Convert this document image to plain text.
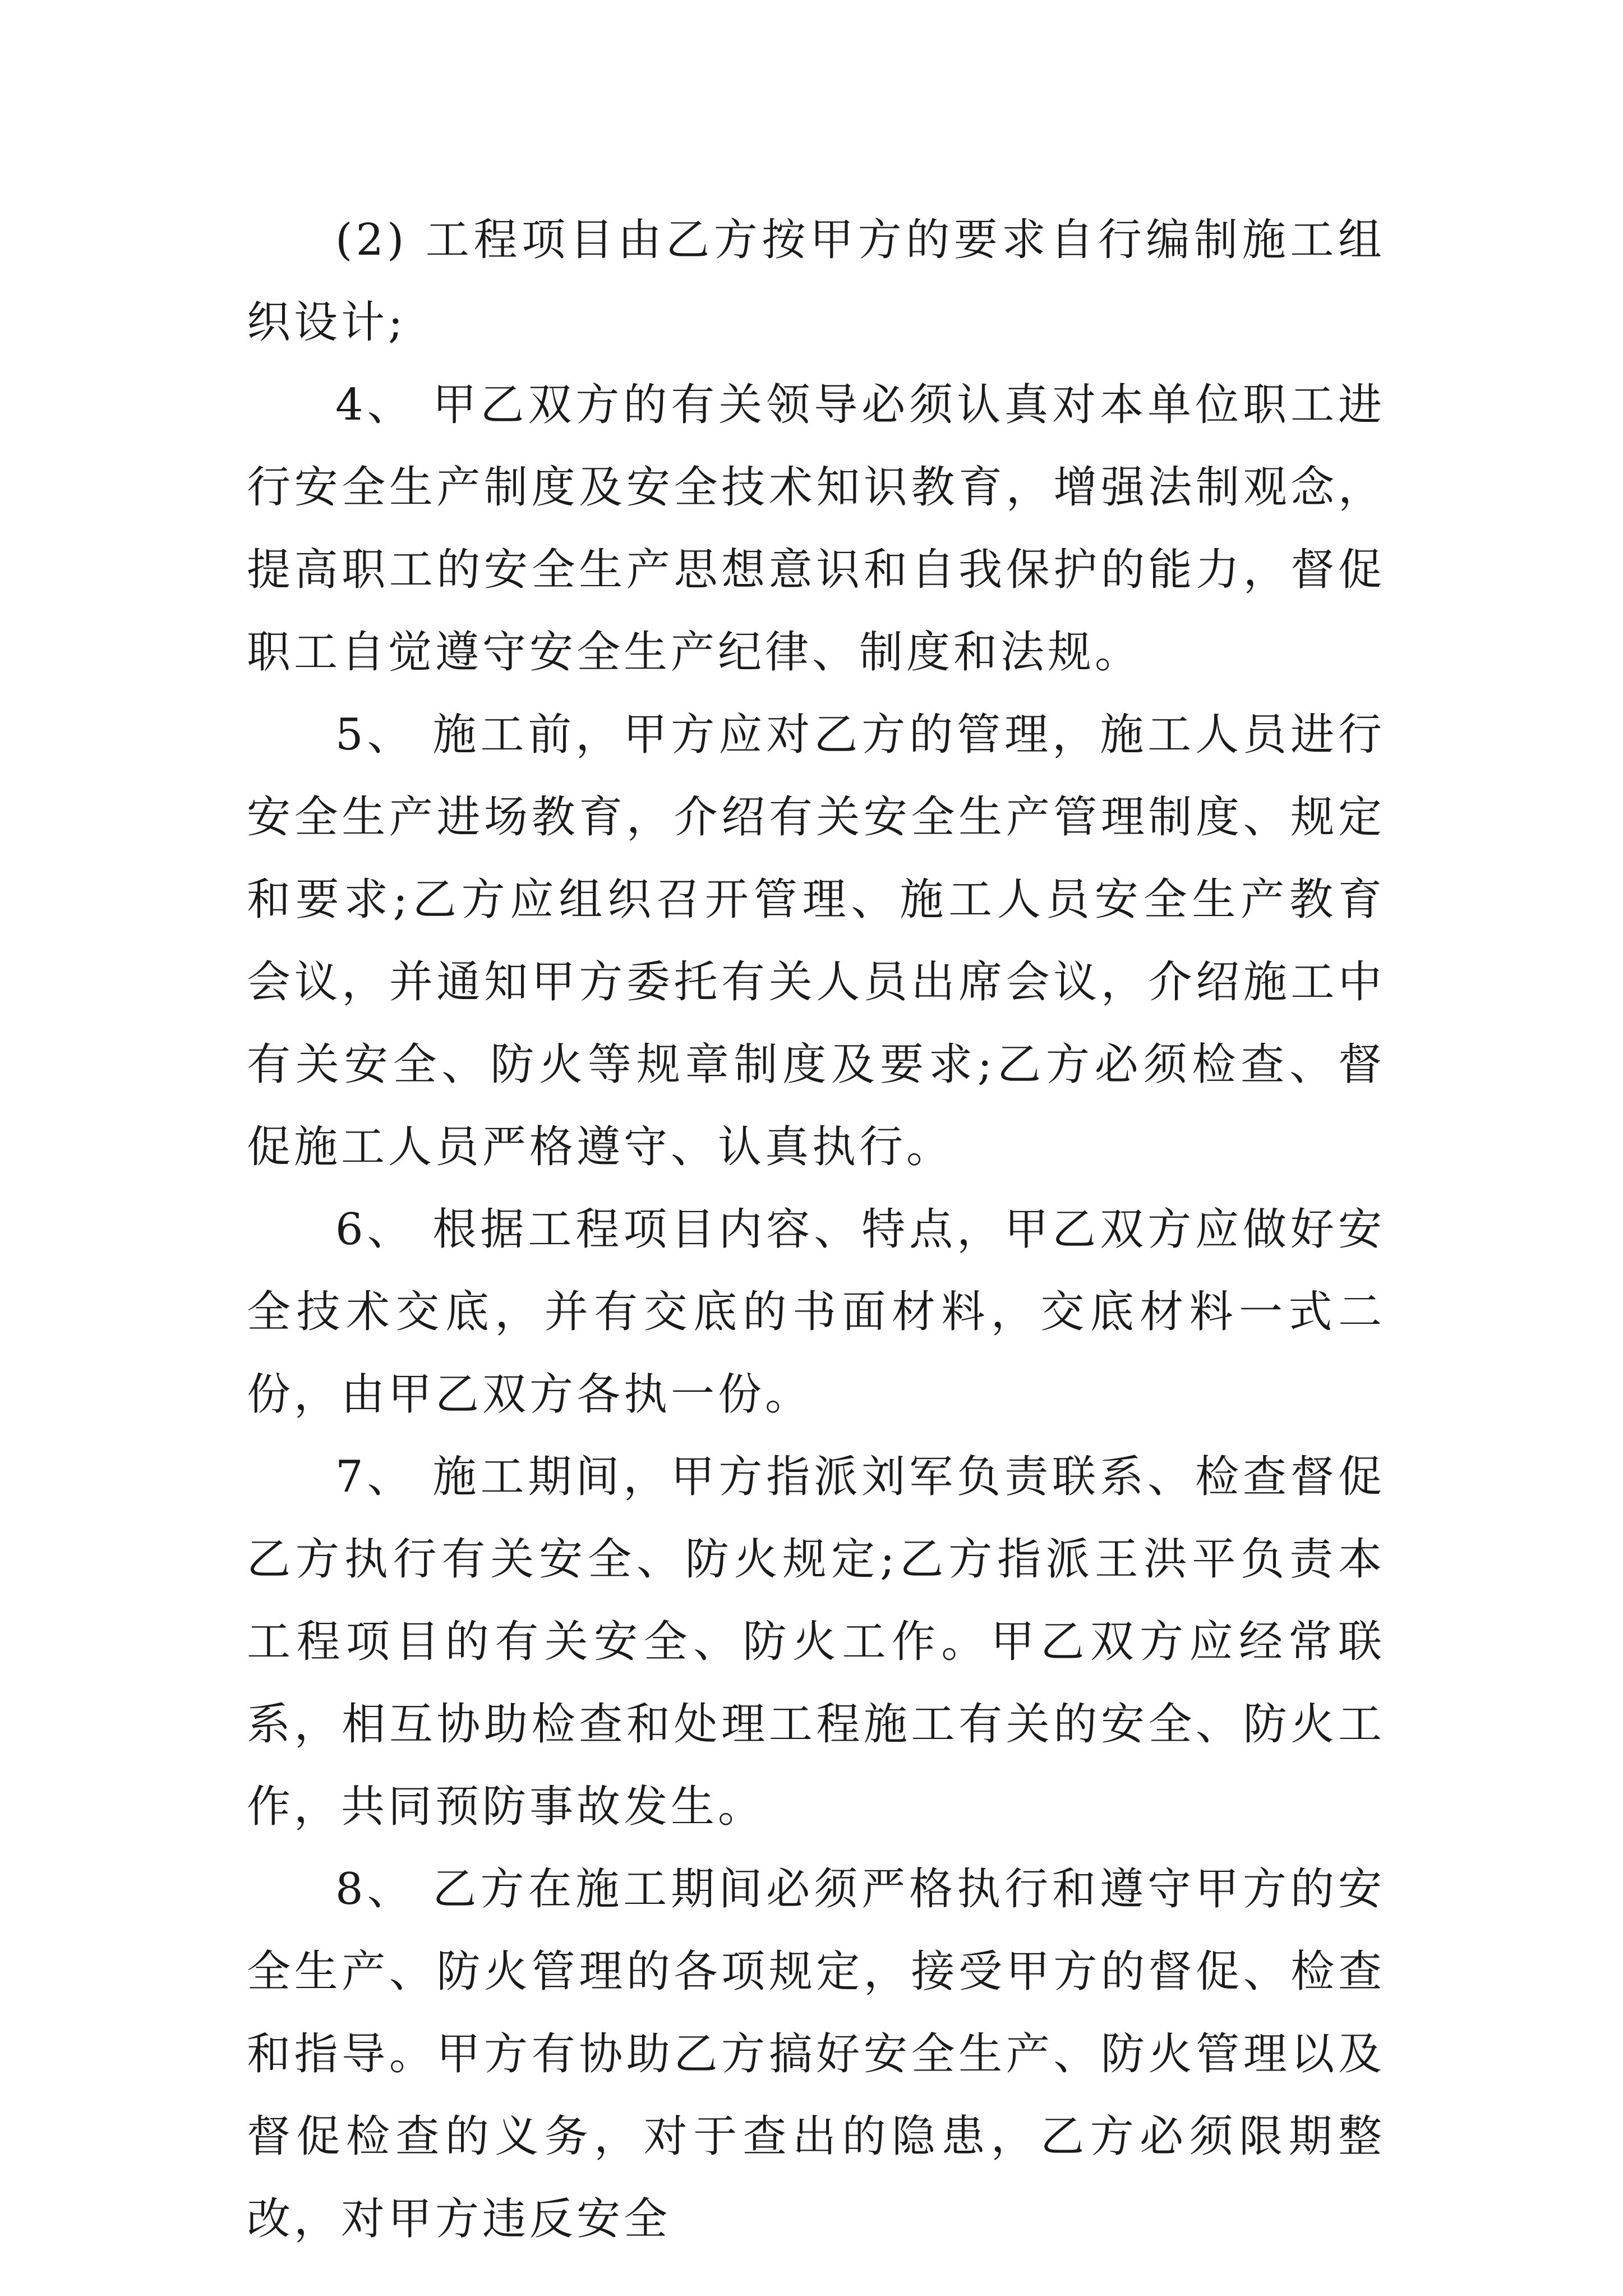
(2) 工程项目由乙方按甲方的要求自行编制施工组织设计;

4、 甲乙双方的有关领导必须认真对本单位职工进行安全生产制度及安全技术知识教育，增强法制观念，提高职工的安全生产思想意识和自我保护的能力，督促职工自觉遵守安全生产纪律、制度和法规。

5、 施工前，甲方应对乙方的管理，施工人员进行安全生产进场教育，介绍有关安全生产管理制度、规定和要求;乙方应组织召开管理、施工人员安全生产教育会议，并通知甲方委托有关人员出席会议，介绍施工中有关安全、防火等规章制度及要求;乙方必须检查、督促施工人员严格遵守、认真执行。

6、 根据工程项目内容、特点，甲乙双方应做好安全技术交底，并有交底的书面材料，交底材料一式二份，由甲乙双方各执一份。

7、 施工期间，甲方指派刘军负责联系、检查督促乙方执行有关安全、防火规定;乙方指派王洪平负责本工程项目的有关安全、防火工作。甲乙双方应经常联系，相互协助检查和处理工程施工有关的安全、防火工作，共同预防事故发生。

8、 乙方在施工期间必须严格执行和遵守甲方的安全生产、防火管理的各项规定，接受甲方的督促、检查和指导。甲方有协助乙方搞好安全生产、防火管理以及督促检查的义务，对于查出的隐患，乙方必须限期整改，对甲方违反安全
